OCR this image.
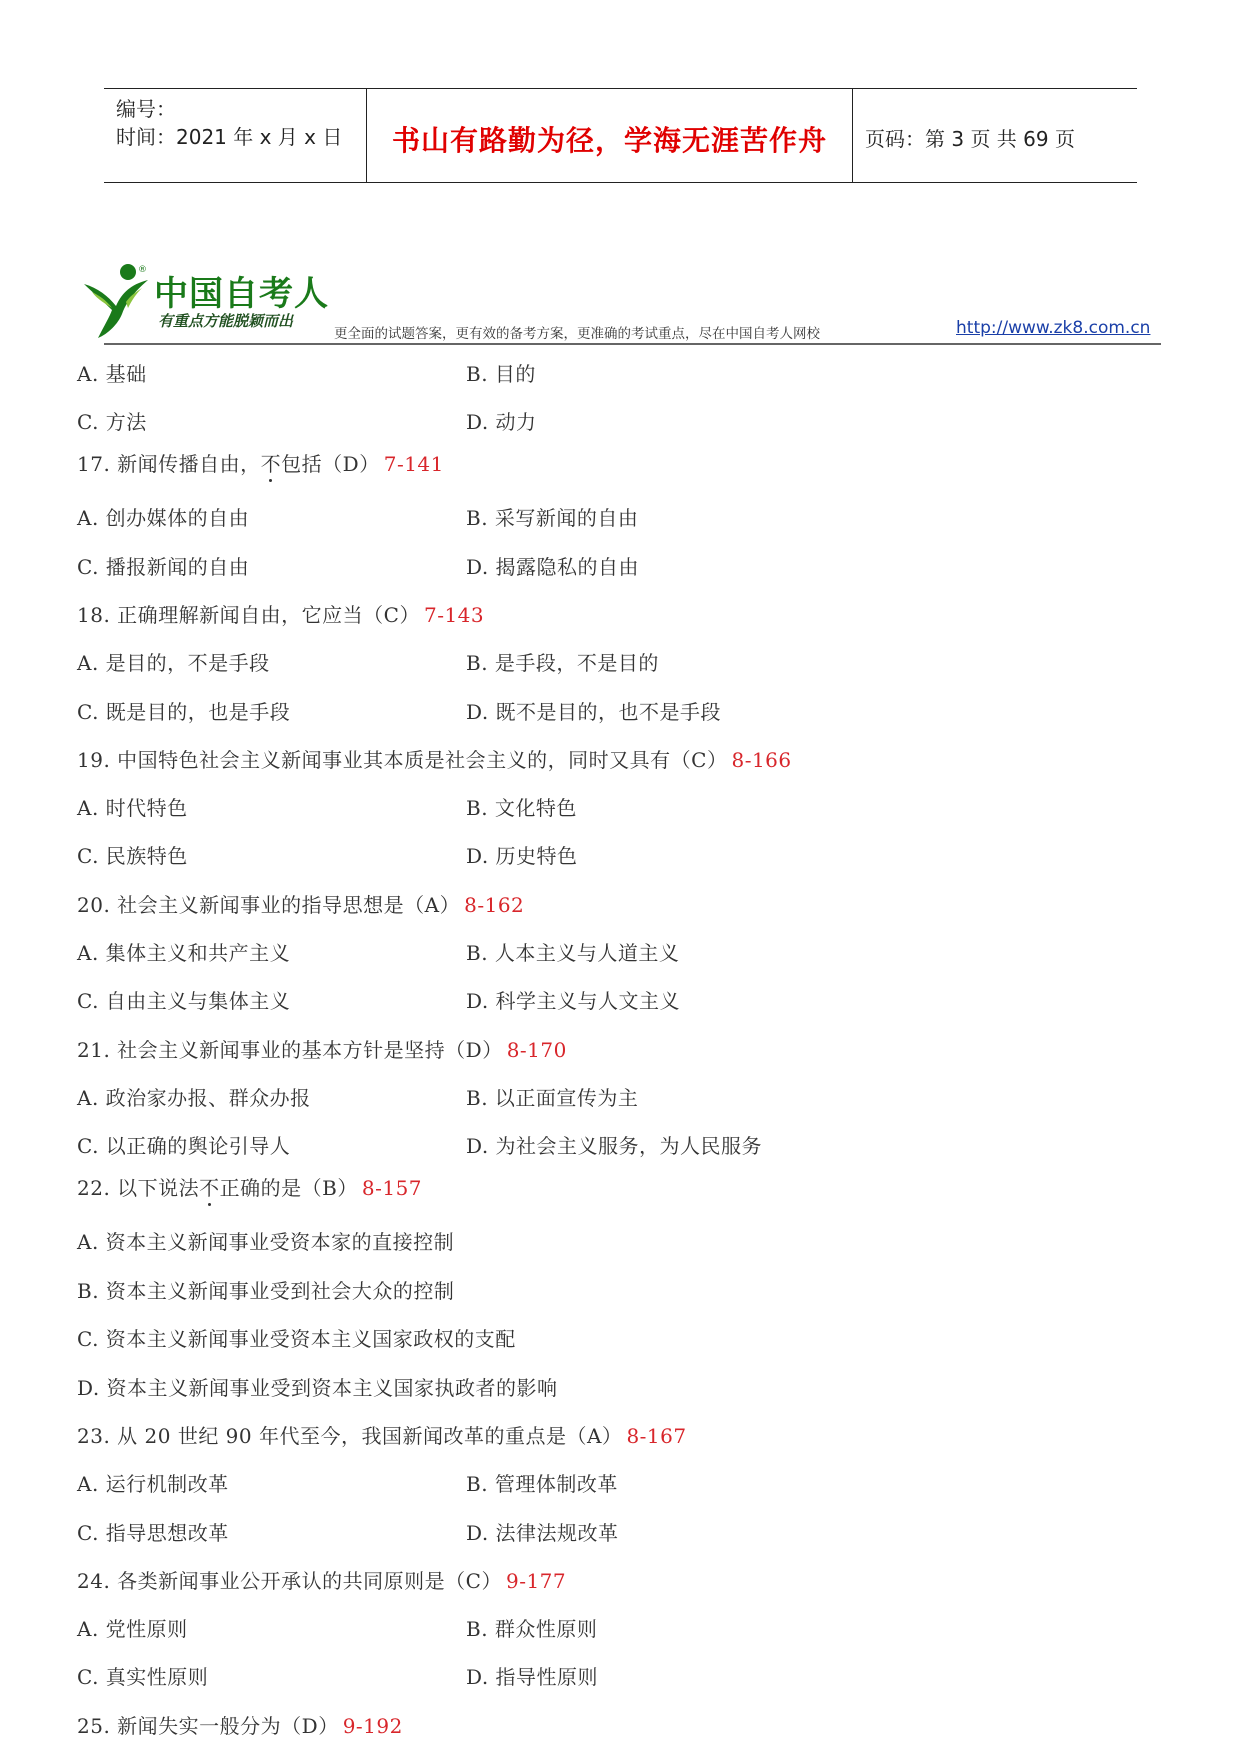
编号：
时间：2021 年 x 月 x 日	书山有路勤为径，学海无涯苦作舟	页码：第 3 页 共 69 页
®
中国自考人
有重点方能脱颖而出
更全面的试题答案，更有效的备考方案，更准确的考试重点，尽在中国自考人网校	http://www.zk8.com.cn
A. 基础	B. 目的
C. 方法	D. 动力
17. 新闻传播自由，不包括（D） 7-141
A. 创办媒体的自由	B. 采写新闻的自由
C. 播报新闻的自由	D. 揭露隐私的自由
18. 正确理解新闻自由，它应当（C） 7-143
A. 是目的，不是手段	B. 是手段，不是目的
C. 既是目的，也是手段	D. 既不是目的，也不是手段
19. 中国特色社会主义新闻事业其本质是社会主义的，同时又具有（C） 8-166
A. 时代特色	B. 文化特色
C. 民族特色	D. 历史特色
20. 社会主义新闻事业的指导思想是（A） 8-162
A. 集体主义和共产主义	B. 人本主义与人道主义
C. 自由主义与集体主义	D. 科学主义与人文主义
21. 社会主义新闻事业的基本方针是坚持（D） 8-170
A. 政治家办报、群众办报	B. 以正面宣传为主
C. 以正确的舆论引导人	D. 为社会主义服务，为人民服务
22. 以下说法不正确的是（B） 8-157
A. 资本主义新闻事业受资本家的直接控制
B. 资本主义新闻事业受到社会大众的控制
C. 资本主义新闻事业受资本主义国家政权的支配
D. 资本主义新闻事业受到资本主义国家执政者的影响
23. 从 20 世纪 90 年代至今，我国新闻改革的重点是（A） 8-167
A. 运行机制改革	B. 管理体制改革
C. 指导思想改革	D. 法律法规改革
24. 各类新闻事业公开承认的共同原则是（C） 9-177
A. 党性原则	B. 群众性原则
C. 真实性原则	D. 指导性原则
25. 新闻失实一般分为（D） 9-192
